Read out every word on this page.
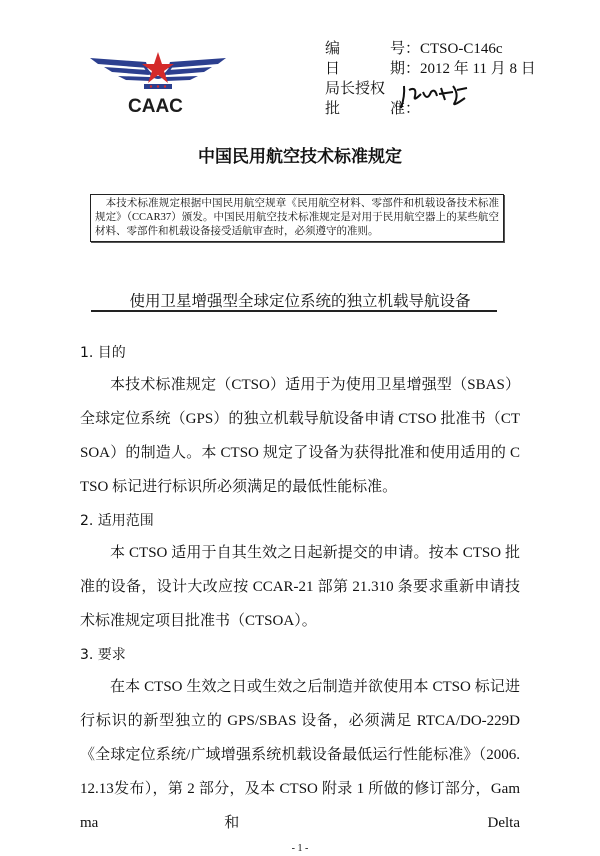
CAAC
编	号 ： CTSO-C146c
日	期 ： 2012 年 11 月 8 日
局长授权
批	准 ：
中国民用航空技术标准规定
　本技术标准规定根据中国民用航空规章《民用航空材料、零部件和机载设备技术标准规定》（CCAR37）颁发。中国民用航空技术标准规定是对用于民用航空器上的某些航空材料、零部件和机载设备接受适航审查时，必须遵守的准则。
使用卫星增强型全球定位系统的独立机载导航设备
1. 目的

本技术标准规定（CTSO）适用于为使用卫星增强型（SBAS）全球定位系统（GPS）的独立机载导航设备申请 CTSO 批准书（CTSOA）的制造人。本 CTSO 规定了设备为获得批准和使用适用的 CTSO 标记进行标识所必须满足的最低性能标准。

2. 适用范围

本 CTSO 适用于自其生效之日起新提交的申请。按本 CTSO 批准的设备，设计大改应按 CCAR-21 部第 21.310 条要求重新申请技术标准规定项目批准书（CTSOA）。

3. 要求

在本 CTSO 生效之日或生效之后制造并欲使用本 CTSO 标记进行标识的新型独立的 GPS/SBAS 设备，必须满足 RTCA/DO-229D《全球定位系统/广域增强系统机载设备最低运行性能标准》（2006.12.13发布），第 2 部分，及本 CTSO 附录 1 所做的修订部分，Gamma 和 Delta

- 1 -
